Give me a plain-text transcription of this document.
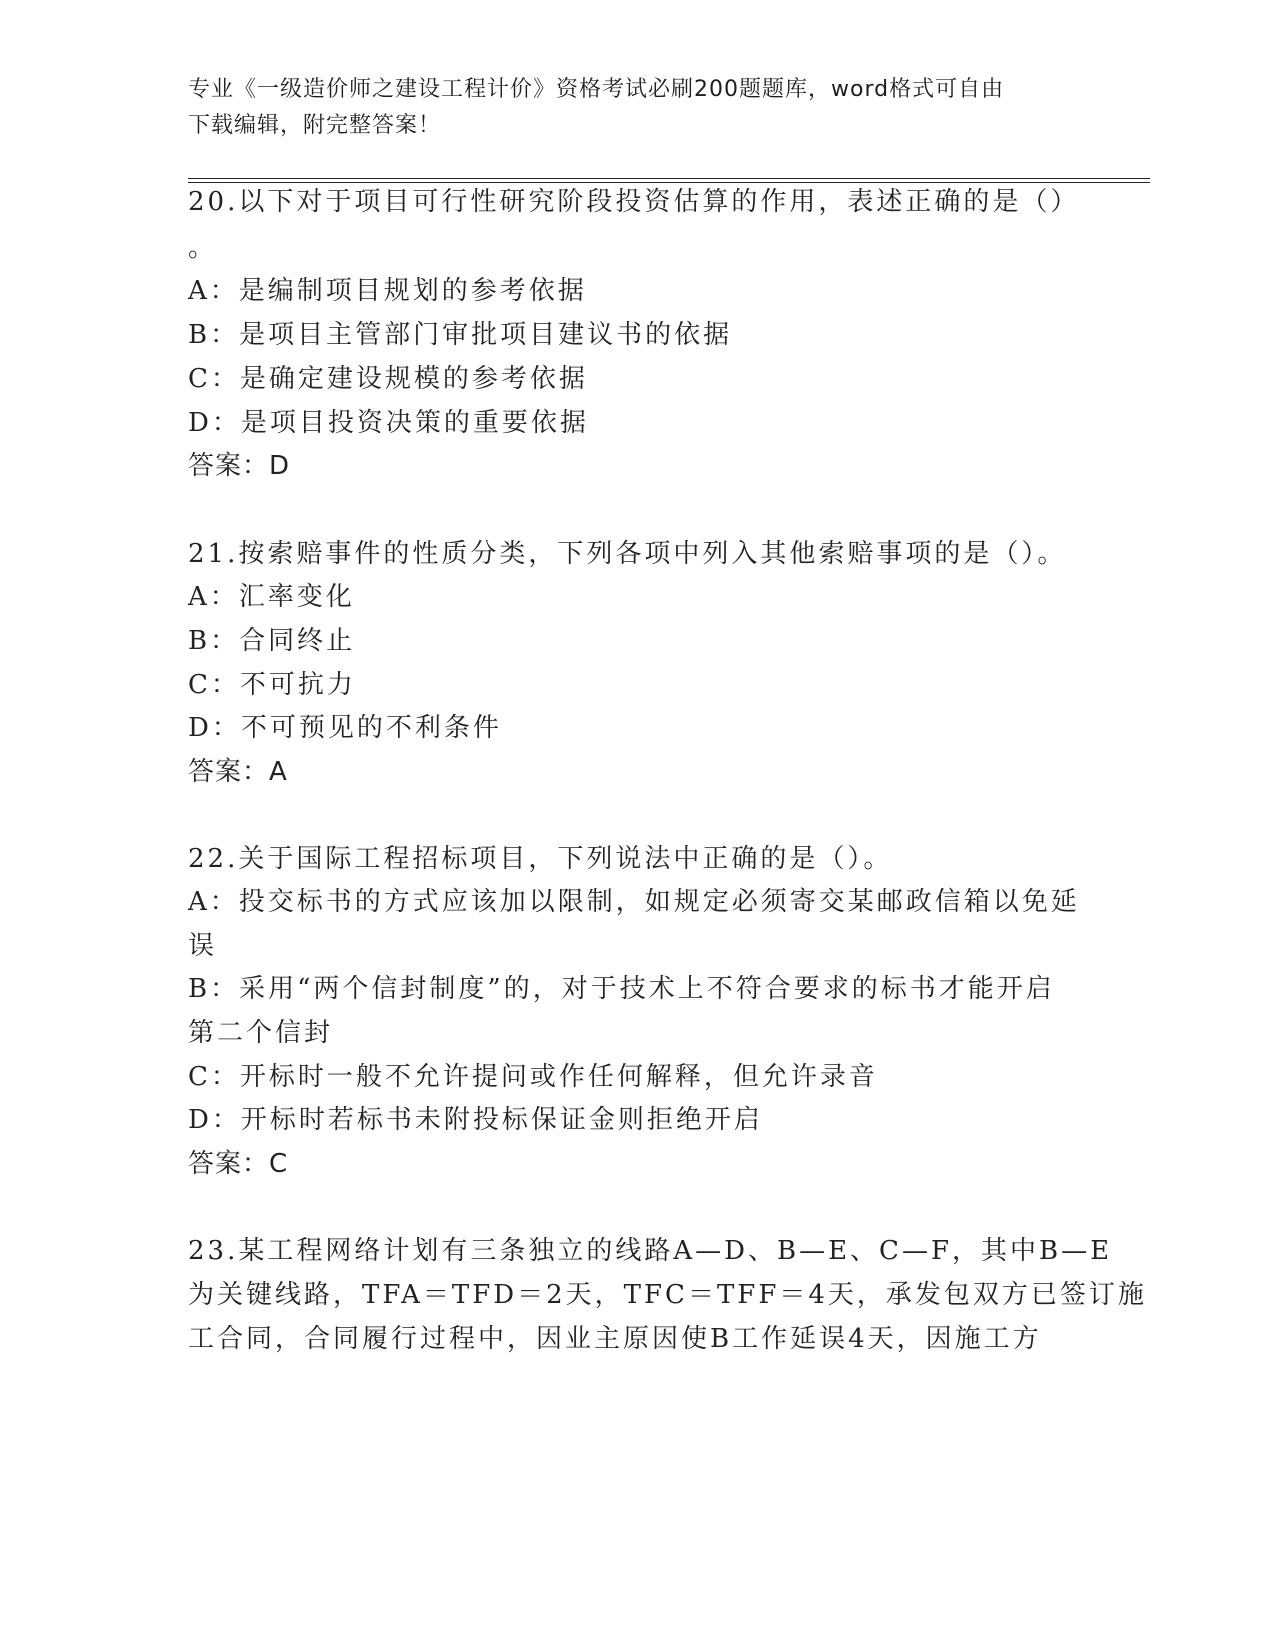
专业《一级造价师之建设工程计价》资格考试必刷200题题库，word格式可自由
下载编辑，附完整答案！
20.以下对于项目可行性研究阶段投资估算的作用，表述正确的是（）
。
A：是编制项目规划的参考依据
B：是项目主管部门审批项目建议书的依据
C：是确定建设规模的参考依据
D：是项目投资决策的重要依据
答案：D
21.按索赔事件的性质分类，下列各项中列入其他索赔事项的是（）。
A：汇率变化
B：合同终止
C：不可抗力
D：不可预见的不利条件
答案：A
22.关于国际工程招标项目，下列说法中正确的是（）。
A：投交标书的方式应该加以限制，如规定必须寄交某邮政信箱以免延
误
B：采用“两个信封制度”的，对于技术上不符合要求的标书才能开启
第二个信封
C：开标时一般不允许提问或作任何解释，但允许录音
D：开标时若标书未附投标保证金则拒绝开启
答案：C
23.某工程网络计划有三条独立的线路A—D、B—E、C—F，其中B—E
为关键线路，TFA＝TFD＝2天，TFC＝TFF＝4天，承发包双方已签订施
工合同，合同履行过程中，因业主原因使B工作延误4天，因施工方
